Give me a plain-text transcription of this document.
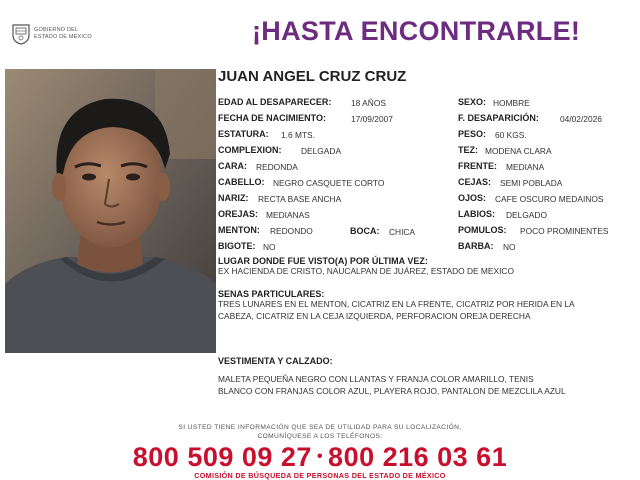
GOBIERNO DEL
ESTADO DE MÉXICO	¡HASTA ENCONTRARLE!
JUAN ANGEL CRUZ CRUZ
EDAD AL DESAPARECER: 18 AÑOS
FECHA DE NACIMIENTO:	17/09/2007
ESTATURA: 1.6 MTS.
COMPLEXION: DELGADA
CARA: REDONDA
CABELLO: NEGRO CASQUETE CORTO
NARIZ: RECTA BASE ANCHA
OREJAS: MEDIANAS
MENTON: REDONDO	BOCA: CHICA
BIGOTE: NO
SEXO: HOMBRE
F. DESAPARICIÓN:	04/02/2026
PESO: 60 KGS.
TEZ: MODENA CLARA
FRENTE: MEDIANA
CEJAS: SEMI POBLADA
OJOS: CAFE OSCURO MEDAINOS
LABIOS: DELGADO
POMULOS: POCO PROMINENTES
BARBA: NO
LUGAR DONDE FUE VISTO(A) POR ÚLTIMA VEZ:
EX HACIENDA DE CRISTO, NAUCALPAN DE JUÁREZ, ESTADO DE MEXICO
SENAS PARTICULARES:
TRES LUNARES EN EL MENTON, CICATRIZ EN LA FRENTE, CICATRIZ POR HERIDA EN LA
CABEZA, CICATRIZ EN LA CEJA IZQUIERDA, PERFORACION OREJA DERECHA
VESTIMENTA Y CALZADO:
MALETA PEQUEÑA NEGRO CON LLANTAS Y FRANJA COLOR AMARILLO, TENIS
BLANCO CON FRANJAS COLOR AZUL, PLAYERA ROJO, PANTALON DE MEZCLILA AZUL
SI USTED TIENE INFORMACIÓN QUE SEA DE UTILIDAD PARA SU LOCALIZACIÓN,
COMUNÍQUESE A LOS TELÉFONOS:
800 509 09 27 • 800 216 03 61
COMISIÓN DE BÚSQUEDA DE PERSONAS DEL ESTADO DE MÉXICO
